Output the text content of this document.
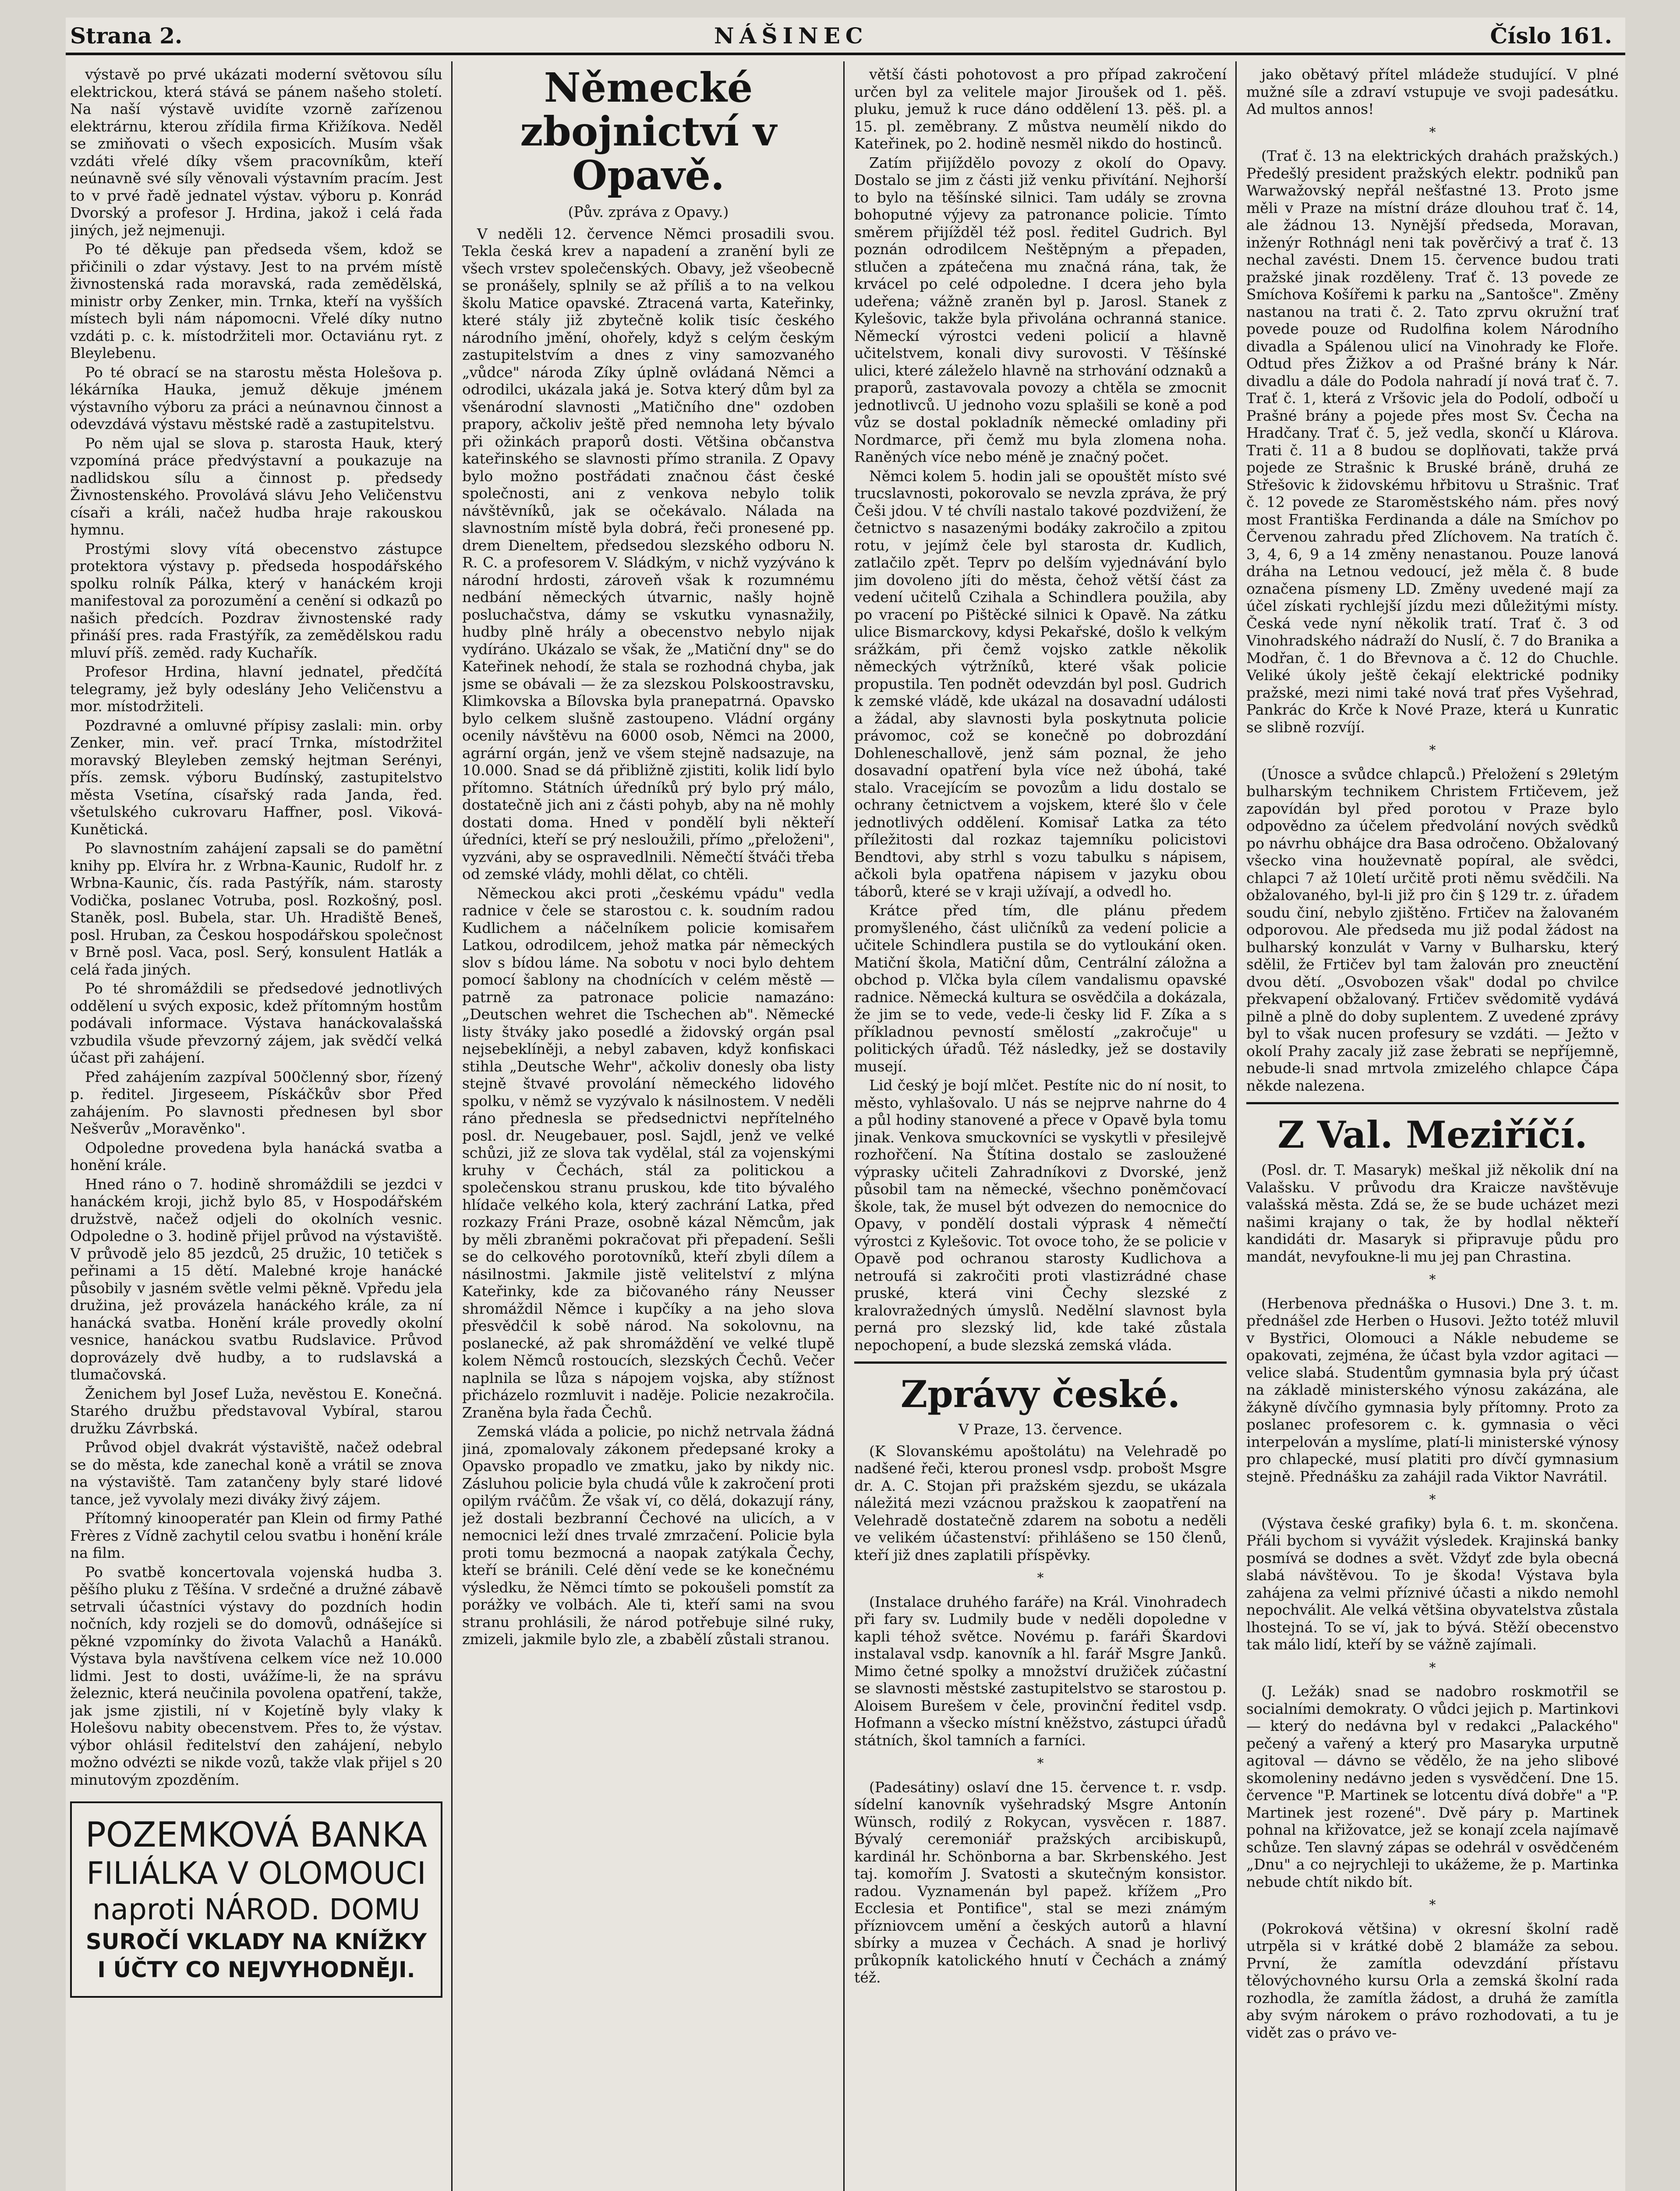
Strana 2.	NÁŠINEC	Číslo 161.

výstavě po prvé ukázati moderní světovou sílu elektrickou, která stává se pánem našeho století. Na naší výstavě uvidíte vzorně zařízenou elektrárnu, kterou zřídila firma Křižíkova. Neděl se zmiňovati o všech exposicích. Musím však vzdáti vřelé díky všem pracovníkům, kteří neúnavně své síly věnovali výstavním pracím. Jest to v prvé řadě jednatel výstav. výboru p. Konrád Dvorský a profesor J. Hrdina, jakož i celá řada jiných, jež nejmenuji.

Po té děkuje pan předseda všem, kdož se přičinili o zdar výstavy. Jest to na prvém místě živnostenská rada moravská, rada zemědělská, ministr orby Zenker, min. Trnka, kteří na vyšších místech byli nám nápomocni. Vřelé díky nutno vzdáti p. c. k. místodržiteli mor. Octaviánu ryt. z Bleylebenu.

Po té obrací se na starostu města Holešova p. lékárníka Hauka, jemuž děkuje jménem výstavního výboru za práci a neúnavnou činnost a odevzdává výstavu městské radě a zastupitelstvu.

Po něm ujal se slova p. starosta Hauk, který vzpomíná práce předvýstavní a poukazuje na nadlidskou sílu a činnost p. předsedy Živnostenského. Provolává slávu Jeho Veličenstvu císaři a králi, načež hudba hraje rakouskou hymnu.

Prostými slovy vítá obecenstvo zástupce protektora výstavy p. předseda hospodářského spolku rolník Pálka, který v hanáckém kroji manifestoval za porozumění a cenění si odkazů po našich předcích. Pozdrav živnostenské rady přináší pres. rada Frastýřík, za zemědělskou radu mluví příš. zeměd. rady Kuchařík.

Profesor Hrdina, hlavní jednatel, předčítá telegramy, jež byly odeslány Jeho Veličenstvu a mor. místodržiteli.

Pozdravné a omluvné přípisy zaslali: min. orby Zenker, min. veř. prací Trnka, místodržitel moravský Bleyleben zemský hejtman Serényi, přís. zemsk. výboru Budínský, zastupitelstvo města Vsetína, císařský rada Janda, řed. všetulského cukrovaru Haffner, posl. Viková-Kunětická.

Po slavnostním zahájení zapsali se do pamětní knihy pp. Elvíra hr. z Wrbna-Kaunic, Rudolf hr. z Wrbna-Kaunic, čís. rada Pastýřík, nám. starosty Vodička, poslanec Votruba, posl. Rozkošný, posl. Staněk, posl. Bubela, star. Uh. Hradiště Beneš, posl. Hruban, za Českou hospodářskou společnost v Brně posl. Vaca, posl. Serý, konsulent Hatlák a celá řada jiných.

Po té shromáždili se předsedové jednotlivých oddělení u svých exposic, kdež přítomným hostům podávali informace. Výstava hanáckovalašská vzbudila všude převzorný zájem, jak svědčí velká účast při zahájení.

Před zahájením zazpíval 500členný sbor, řízený p. ředitel. Jirgeseem, Pískáčkův sbor Před zahájením. Po slavnosti přednesen byl sbor Nešverův „Moravěnko".

Odpoledne provedena byla hanácká svatba a honění krále.

Hned ráno o 7. hodině shromáždili se jezdci v hanáckém kroji, jichž bylo 85, v Hospodářském družstvě, načež odjeli do okolních vesnic. Odpoledne o 3. hodině přijel průvod na výstaviště. V průvodě jelo 85 jezdců, 25 družic, 10 tetiček s peřinami a 15 dětí. Malebné kroje hanácké působily v jasném světle velmi pěkně. Vpředu jela družina, jež provázela hanáckého krále, za ní hanácká svatba. Honění krále provedly okolní vesnice, hanáckou svatbu Rudslavice. Průvod doprovázely dvě hudby, a to rudslavská a tlumačovská.

Ženichem byl Josef Luža, nevěstou E. Konečná. Starého družbu představoval Vybíral, starou družku Závrbská.

Průvod objel dvakrát výstaviště, načež odebral se do města, kde zanechal koně a vrátil se znova na výstaviště. Tam zatančeny byly staré lidové tance, jež vyvolaly mezi diváky živý zájem.

Přítomný kinooperatér pan Klein od firmy Pathé Frères z Vídně zachytil celou svatbu i honění krále na film.

Po svatbě koncertovala vojenská hudba 3. pěšího pluku z Těšína. V srdečné a družné zábavě setrvali účastníci výstavy do pozdních hodin nočních, kdy rozjeli se do domovů, odnášejíce si pěkné vzpomínky do života Valachů a Hanáků. Výstava byla navštívena celkem více než 10.000 lidmi. Jest to dosti, uvážíme-li, že na správu železnic, která neučinila povolena opatření, takže, jak jsme zjistili, ní v Kojetíně byly vlaky k Holešovu nabity obecenstvem. Přes to, že výstav. výbor ohlásil ředitelství den zahájení, nebylo možno odvézti se nikde vozů, takže vlak přijel s 20 minutovým zpozděním.

POZEMKOVÁ BANKA
FILIÁLKA V OLOMOUCI
naproti NÁROD. DOMU
SUROČÍ VKLADY NA KNÍŽKY
I ÚČTY CO NEJVYHODNĚJI.
Německé zbojnictví v Opavě.

(Pův. zpráva z Opavy.)

V neděli 12. července Němci prosadili svou. Tekla česká krev a napadení a zranění byli ze všech vrstev společenských. Obavy, jež všeobecně se pronášely, splnily se až příliš a to na velkou školu Matice opavské. Ztracená varta, Kateřinky, které stály již zbytečně kolik tisíc českého národního jmění, ohořely, když s celým českým zastupitelstvím a dnes z viny samozvaného „vůdce" národa Zíky úplně ovládaná Němci a odrodilci, ukázala jaká je. Sotva který dům byl za všenárodní slavnosti „Matičního dne" ozdoben prapory, ačkoliv ještě před nemnoha lety bývalo při ožinkách praporů dosti. Většina občanstva kateřinského se slavnosti přímo stranila. Z Opavy bylo možno postřádati značnou část české společnosti, ani z venkova nebylo tolik návštěvníků, jak se očekávalo. Nálada na slavnostním místě byla dobrá, řeči pronesené pp. drem Dieneltem, předsedou slezského odboru N. R. C. a profesorem V. Sládkým, v nichž vyzýváno k národní hrdosti, zároveň však k rozumnému nedbání německých útvarnic, našly hojně posluchačstva, dámy se vskutku vynasnažily, hudby plně hrály a obecenstvo nebylo nijak vydíráno. Ukázalo se však, že „Matiční dny" se do Kateřinek nehodí, že stala se rozhodná chyba, jak jsme se obávali — že za slezskou Polskoostravsku, Klimkovska a Bílovska byla pranepatrná. Opavsko bylo celkem slušně zastoupeno. Vládní orgány ocenily návštěvu na 6000 osob, Němci na 2000, agrární orgán, jenž ve všem stejně nadsazuje, na 10.000. Snad se dá přibližně zjistiti, kolik lidí bylo přítomno. Státních úředníků prý bylo prý málo, dostatečně jich ani z části pohyb, aby na ně mohly dostati doma. Hned v pondělí byli někteří úředníci, kteří se prý nesloužili, přímo „přeloženi", vyzváni, aby se ospravedlnili. Němečtí štváči třeba od zemské vlády, mohli dělat, co chtěli.

Německou akci proti „českému vpádu" vedla radnice v čele se starostou c. k. soudním radou Kudlichem a náčelníkem policie komisařem Latkou, odrodilcem, jehož matka pár německých slov s bídou láme. Na sobotu v noci bylo dehtem pomocí šablony na chodnících v celém městě — patrně za patronace policie namazáno: „Deutschen wehret die Tschechen ab". Německé listy štváky jako posedlé a židovský orgán psal nejsebeklíněji, a nebyl zabaven, když konfiskaci stihla „Deutsche Wehr", ačkoliv donesly oba listy stejně štvavé provolání německého lidového spolku, v němž se vyzývalo k násilnostem. V neděli ráno přednesla se předsednictvi nepřítelného posl. dr. Neugebauer, posl. Sajdl, jenž ve velké schůzi, již ze slova tak vydělal, stál za vojenskými kruhy v Čechách, stál za politickou a společenskou stranu pruskou, kde tito bývalého hlídače velkého kola, který zachrání Latka, před rozkazy Fráni Praze, osobně kázal Němcům, jak by měli zbraněmi pokračovat při přepadení. Sešli se do celkového porotovníků, kteří zbyli dílem a násilnostmi. Jakmile jistě velitelství z mlýna Kateřinky, kde za bičovaného rány Neusser shromáždil Němce i kupčíky a na jeho slova přesvědčil k sobě národ. Na sokolovnu, na poslanecké, až pak shromáždění ve velké tlupě kolem Němců rostoucích, slezských Čechů. Večer naplnila se lůza s nápojem vojska, aby stížnost přicházelo rozmluvit i naděje. Policie nezakročila. Zraněna byla řada Čechů.

Zemská vláda a policie, po nichž netrvala žádná jiná, zpomalovaly zákonem předepsané kroky a Opavsko propadlo ve zmatku, jako by nikdy nic. Zásluhou policie byla chudá vůle k zakročení proti opilým rváčům. Že však ví, co dělá, dokazují rány, jež dostali bezbranní Čechové na ulicích, a v nemocnici leží dnes trvalé zmrzačení. Policie byla proti tomu bezmocná a naopak zatýkala Čechy, kteří se bránili. Celé dění vede se ke konečnému výsledku, že Němci tímto se pokoušeli pomstít za porážky ve volbách. Ale ti, kteří sami na svou stranu prohlásili, že národ potřebuje silné ruky, zmizeli, jakmile bylo zle, a zbabělí zůstali stranou.

větší části pohotovost a pro případ zakročení určen byl za velitele major Jiroušek od 1. pěš. pluku, jemuž k ruce dáno oddělení 13. pěš. pl. a 15. pl. zeměbrany. Z můstva neumělí nikdo do Kateřinek, po 2. hodině nesměl nikdo do hostinců.

Zatím přijíždělo povozy z okolí do Opavy. Dostalo se jim z části již venku přivítání. Nejhorší to bylo na těšínské silnici. Tam udály se zrovna bohoputné výjevy za patronance policie. Tímto směrem přijížděl též posl. ředitel Gudrich. Byl poznán odrodilcem Neštěpným a přepaden, stlučen a zpátečena mu značná rána, tak, že krvácel po celé odpoledne. I dcera jeho byla udeřena; vážně zraněn byl p. Jarosl. Stanek z Kylešovic, takže byla přivolána ochranná stanice. Německí výrostci vedeni policií a hlavně učitelstvem, konali divy surovosti. V Těšínské ulici, které záleželo hlavně na strhování odznaků a praporů, zastavovala povozy a chtěla se zmocnit jednotlivců. U jednoho vozu splašili se koně a pod vůz se dostal pokladník německé omladiny při Nordmarce, při čemž mu byla zlomena noha. Raněných více nebo méně je značný počet.

Němci kolem 5. hodin jali se opouštět místo své trucslavnosti, pokorovalo se nevzla zpráva, že prý Češi jdou. V té chvíli nastalo takové pozdvižení, že četnictvo s nasazenými bodáky zakročilo a zpitou rotu, v jejímž čele byl starosta dr. Kudlich, zatlačilo zpět. Teprv po delším vyjednávání bylo jim dovoleno jíti do města, čehož větší část za vedení učitelů Czihala a Schindlera použila, aby po vracení po Pištěcké silnici k Opavě. Na zátku ulice Bismarckovy, kdysi Pekařské, došlo k velkým srážkám, při čemž vojsko zatkle několik německých výtržníků, které však policie propustila. Ten podnět odevzdán byl posl. Gudrich k zemské vládě, kde ukázal na dosavadní události a žádal, aby slavnosti byla poskytnuta policie právomoc, což se konečně po dobrozdání Dohleneschallově, jenž sám poznal, že jeho dosavadní opatření byla více než úbohá, také stalo. Vracejícím se povozům a lidu dostalo se ochrany četnictvem a vojskem, které šlo v čele jednotlivých oddělení. Komisař Latka za této příležitosti dal rozkaz tajemníku policistovi Bendtovi, aby strhl s vozu tabulku s nápisem, ačkoli byla opatřena nápisem v jazyku obou táborů, které se v kraji užívají, a odvedl ho.

Krátce před tím, dle plánu předem promyšleného, část uličníků za vedení policie a učitele Schindlera pustila se do vytloukání oken. Matiční škola, Matiční dům, Centrální záložna a obchod p. Vlčka byla cílem vandalismu opavské radnice. Německá kultura se osvědčila a dokázala, že jim se to vede, vede-li česky lid F. Zíka a s příkladnou pevností smělostí „zakročuje" u politických úřadů. Též následky, jež se dostavily musejí.

Lid český je bojí mlčet. Pestíte nic do ní nosit, to město, vyhlašovalo. U nás se nejprve nahrne do 4 a půl hodiny stanovené a přece v Opavě byla tomu jinak. Venkova smuckovníci se vyskytli v přesilejvě rozhořčení. Na Štítina dostalo se zasloužené výprasky učiteli Zahradníkovi z Dvorské, jenž působil tam na německé, všechno poněmčovací škole, tak, že musel být odvezen do nemocnice do Opavy, v pondělí dostali výprask 4 němečtí výrostci z Kylešovic. Tot ovoce toho, že se policie v Opavě pod ochranou starosty Kudlichova a netroufá si zakročiti proti vlastizrádné chase pruské, která vini Čechy slezské z kralovražedných úmyslů. Nedělní slavnost byla perná pro slezský lid, kde také zůstala nepochopení, a bude slezská zemská vláda.

Zprávy české.

V Praze, 13. července.

(K Slovanskému apoštolátu) na Velehradě po nadšené řeči, kterou pronesl vsdp. probošt Msgre dr. A. C. Stojan při pražském sjezdu, se ukázala náležitá mezi vzácnou pražskou k zaopatření na Velehradě dostatečně zdarem na sobotu a neděli ve velikém účastenství: přihlášeno se 150 členů, kteří již dnes zaplatili příspěvky.

*

(Instalace druhého faráře) na Král. Vinohradech při fary sv. Ludmily bude v neděli dopoledne v kapli téhož světce. Novému p. faráři Škardovi instalaval vsdp. kanovník a hl. farář Msgre Janků. Mimo četné spolky a množství družiček zúčastní se slavnosti městské zastupitelstvo se starostou p. Aloisem Burešem v čele, provinční ředitel vsdp. Hofmann a všecko místní kněžstvo, zástupci úřadů státních, škol tamních a farníci.

*

(Padesátiny) oslaví dne 15. července t. r. vsdp. sídelní kanovník vyšehradský Msgre Antonín Wünsch, rodilý z Rokycan, vysvěcen r. 1887. Bývalý ceremoniář pražských arcibiskupů, kardinál hr. Schönborna a bar. Skrbenského. Jest taj. komořím J. Svatosti a skutečným konsistor. radou. Vyznamenán byl papež. křížem „Pro Ecclesia et Pontifice", stal se mezi známým přízniovcem umění a českých autorů a hlavní sbírky a muzea v Čechách. A snad je horlivý průkopník katolického hnutí v Čechách a známý též.

jako obětavý přítel mládeže studující. V plné mužné síle a zdraví vstupuje ve svoji padesátku. Ad multos annos!

*

(Trať č. 13 na elektrických drahách pražských.) Předešlý president pražských elektr. podniků pan Warwažovský nepřál nešťastné 13. Proto jsme měli v Praze na místní dráze dlouhou trať č. 14, ale žádnou 13. Nynější předseda, Moravan, inženýr Rothnágl neni tak pověrčivý a trať č. 13 nechal zavésti. Dnem 15. července budou trati pražské jinak rozděleny. Trať č. 13 povede ze Smíchova Košířemi k parku na „Santošce". Změny nastanou na trati č. 2. Tato zprvu okružní trať povede pouze od Rudolfina kolem Národního divadla a Spálenou ulicí na Vinohrady ke Floře. Odtud přes Žižkov a od Prašné brány k Nár. divadlu a dále do Podola nahradí jí nová trať č. 7. Trať č. 1, která z Vršovic jela do Podolí, odbočí u Prašné brány a pojede přes most Sv. Čecha na Hradčany. Trať č. 5, jež vedla, skončí u Klárova. Trati č. 11 a 8 budou se doplňovati, takže prvá pojede ze Strašnic k Bruské bráně, druhá ze Střešovic k židovskému hřbitovu u Strašnic. Trať č. 12 povede ze Staroměstského nám. přes nový most Františka Ferdinanda a dále na Smíchov po Červenou zahradu před Zlíchovem. Na tratích č. 3, 4, 6, 9 a 14 změny nenastanou. Pouze lanová dráha na Letnou vedoucí, jež měla č. 8 bude označena písmeny LD. Změny uvedené mají za účel získati rychlejší jízdu mezi důležitými místy. Česká vede nyní několik tratí. Trať č. 3 od Vinohradského nádraží do Nuslí, č. 7 do Branika a Modřan, č. 1 do Břevnova a č. 12 do Chuchle. Veliké úkoly ještě čekají elektrické podniky pražské, mezi nimi také nová trať přes Vyšehrad, Pankrác do Krče k Nové Praze, která u Kunratic se slibně rozvíjí.

*

(Únosce a svůdce chlapců.) Přeložení s 29letým bulharským technikem Christem Frtičevem, jež zapovídán byl před porotou v Praze bylo odpovědno za účelem předvolání nových svědků po návrhu obhájce dra Basa odročeno. Obžalovaný všecko vina houževnatě popíral, ale svědci, chlapci 7 až 10letí určitě proti němu svědčili. Na obžalovaného, byl-li již pro čin § 129 tr. z. úřadem soudu činí, nebylo zjištěno. Frtičev na žalovaném odporovou. Ale předseda mu již podal žádost na bulharský konzulát v Varny v Bulharsku, který sdělil, že Frtičev byl tam žalován pro zneuctění dvou dětí. „Osvobozen však" dodal po chvilce překvapení obžalovaný. Frtičev svědomitě vydává pilně a plně do doby suplentem. Z uvedené zprávy byl to však nucen profesury se vzdáti. — Ježto v okolí Prahy zacaly již zase žebrati se nepříjemně, nebude-li snad mrtvola zmizelého chlapce Čápa někde nalezena.

Z Val. Meziříčí.

(Posl. dr. T. Masaryk) meškal již několik dní na Valašsku. V průvodu dra Kraicze navštěvuje valašská města. Zdá se, že se bude ucházet mezi našimi krajany o tak, že by hodlal někteří kandidáti dr. Masaryk si připravuje půdu pro mandát, nevyfoukne-li mu jej pan Chrastina.

*

(Herbenova přednáška o Husovi.) Dne 3. t. m. přednášel zde Herben o Husovi. Ježto totéž mluvil v Bystřici, Olomouci a Nákle nebudeme se opakovati, zejména, že účast byla vzdor agitaci — velice slabá. Studentům gymnasia byla prý účast na základě ministerského výnosu zakázána, ale žákyně dívčího gymnasia byly přítomny. Proto za poslanec profesorem c. k. gymnasia o věci interpelován a myslíme, platí-li ministerské výnosy pro chlapecké, musí platiti pro dívčí gymnasium stejně. Přednášku za zahájil rada Viktor Navrátil.

*

(Výstava české grafiky) byla 6. t. m. skončena. Přáli bychom si vyvážit výsledek. Krajinská banky posmívá se dodnes a svět. Vždyť zde byla obecná slabá návštěvou. To je škoda! Výstava byla zahájena za velmi příznivé účasti a nikdo nemohl nepochválit. Ale velká většina obyvatelstva zůstala lhostejná. To se ví, jak to bývá. Stěží obecenstvo tak málo lidí, kteří by se vážně zajímali.

*

(J. Ležák) snad se nadobro roskmotřil se socialními demokraty. O vůdci jejich p. Martinkovi — který do nedávna byl v redakci „Palackého" pečený a vařený a který pro Masaryka urputně agitoval — dávno se vědělo, že na jeho slibové skomoleniny nedávno jeden s vysvědčení. Dne 15. července "P. Martinek se lotcentu dívá dobře" a "P. Martinek jest rozené". Dvě páry p. Martinek pohnal na křižovatce, jež se konají zcela najímavě schůze. Ten slavný zápas se odehrál v osvědčeném „Dnu" a co nejrychleji to ukážeme, že p. Martinka nebude chtít nikdo bít.

*

(Pokroková většina) v okresní školní radě utrpěla si v krátké době 2 blamáže za sebou. První, že zamítla odevzdání přístavu tělovýchovného kursu Orla a zemská školní rada rozhodla, že zamítla žádost, a druhá že zamítla aby svým nárokem o právo rozhodovati, a tu je vidět zas o právo ve-
